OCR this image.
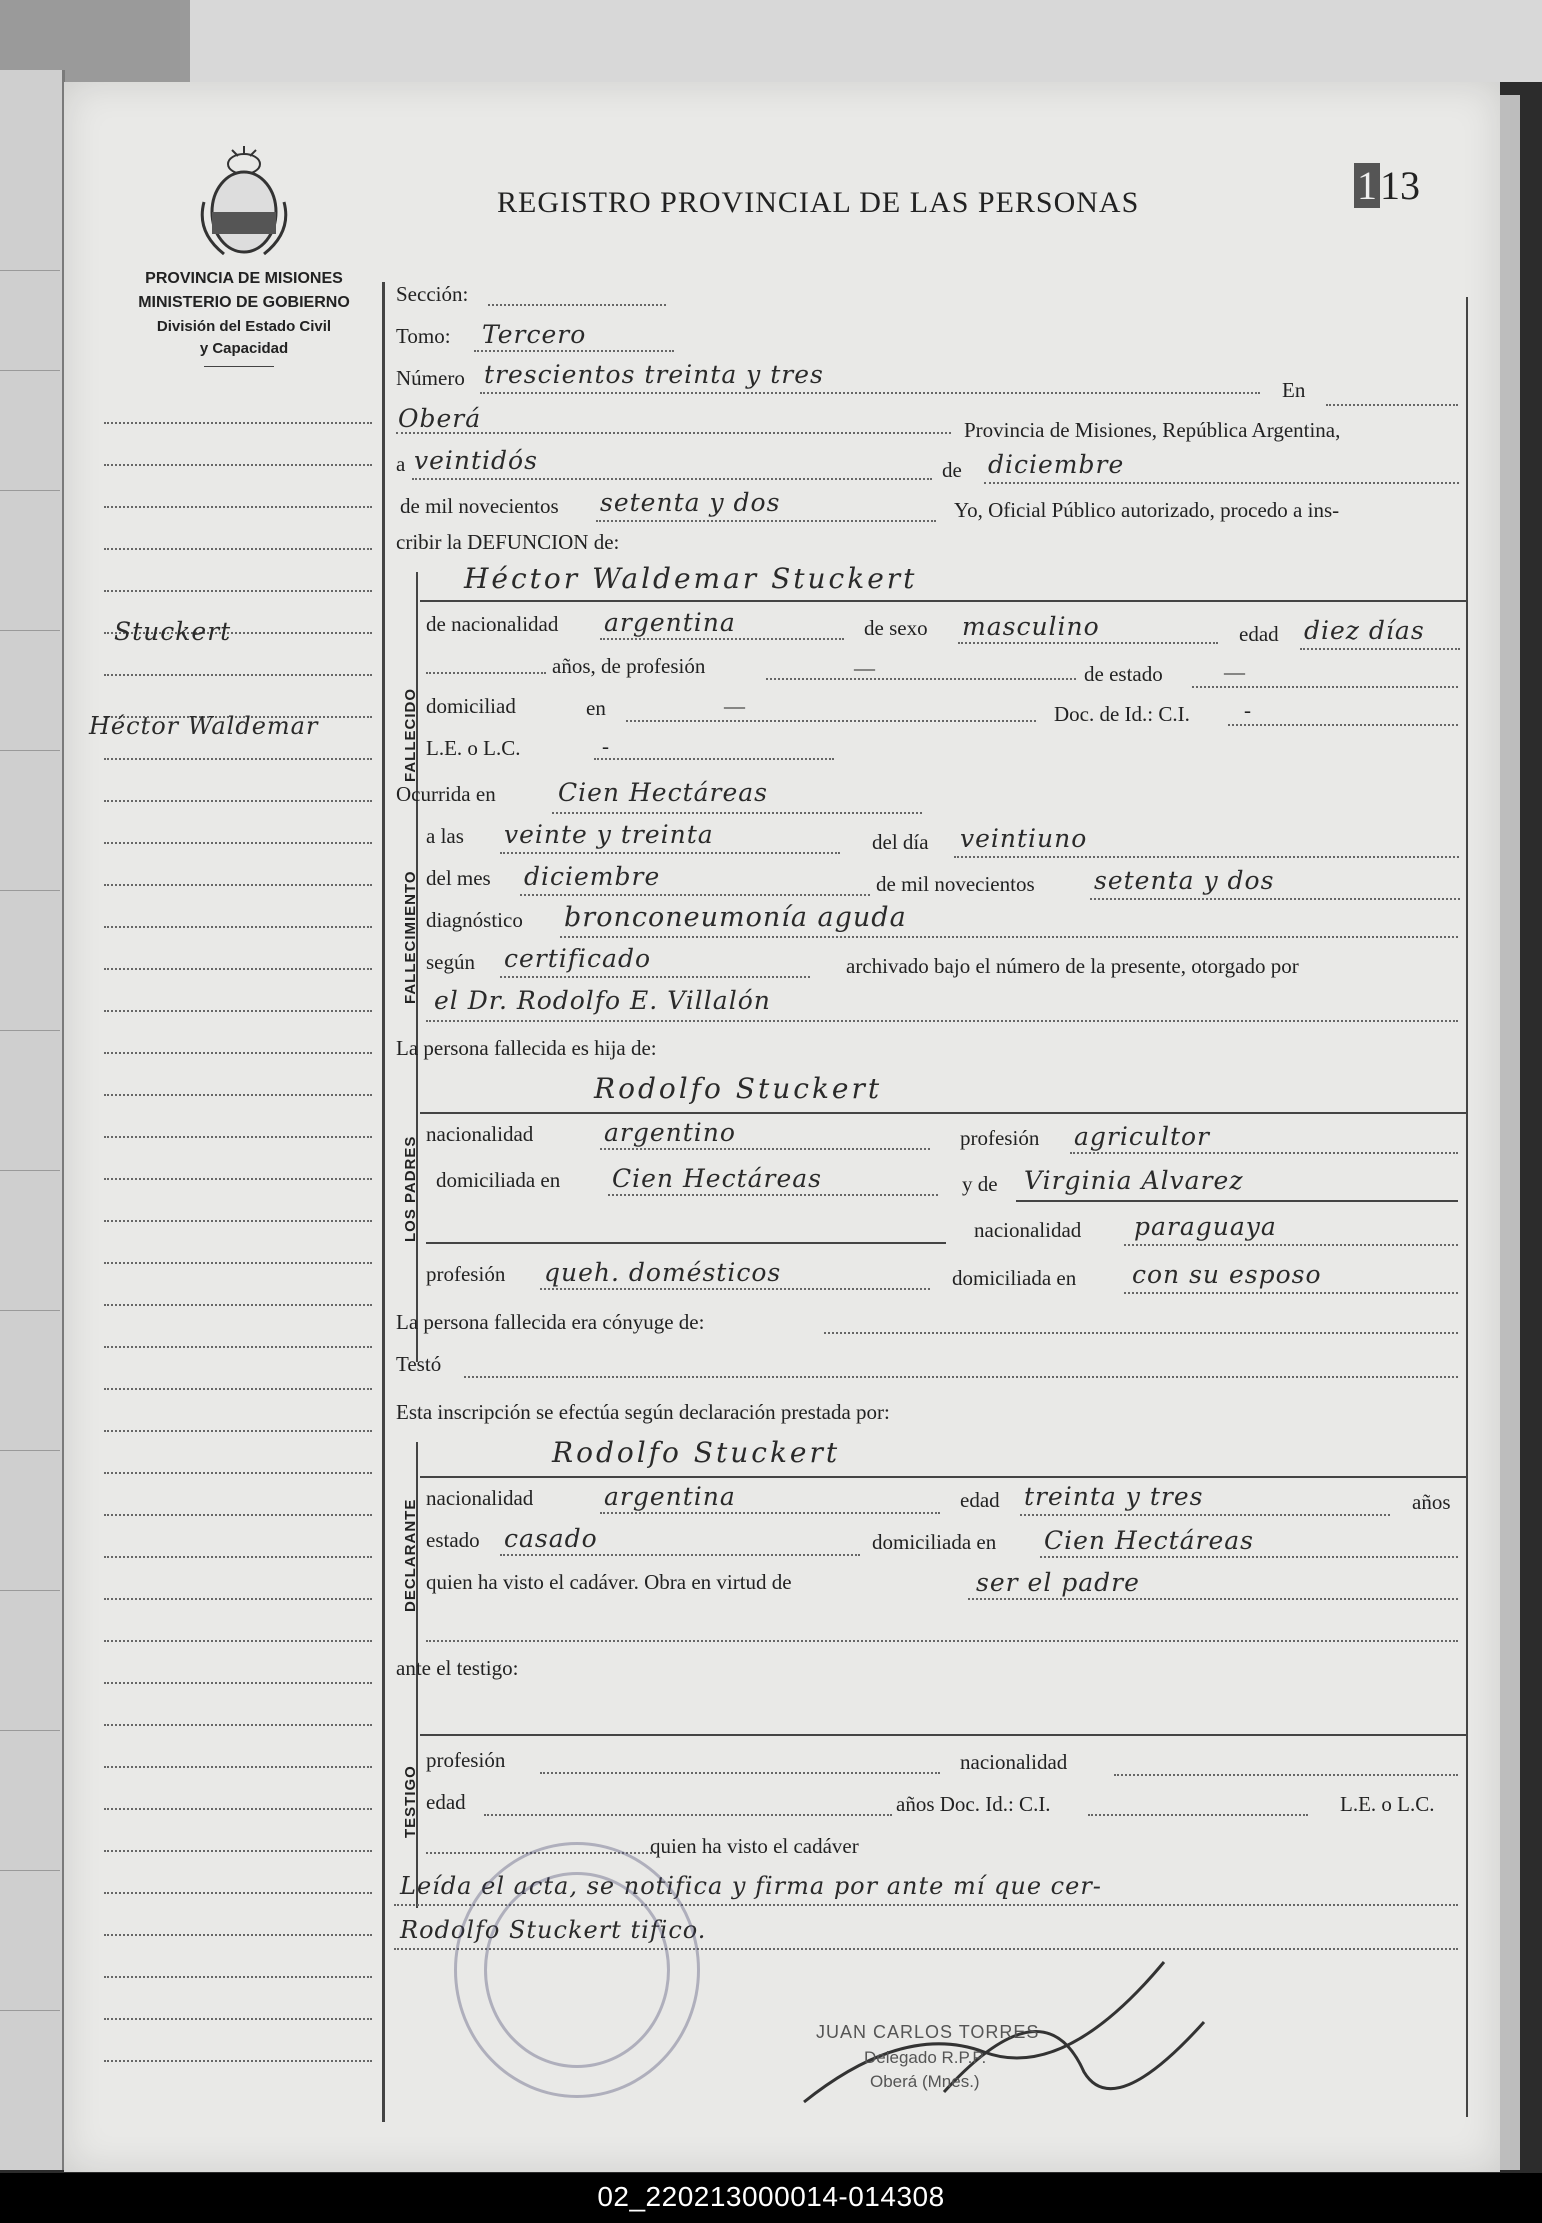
PROVINCIA DE MISIONES
MINISTERIO DE GOBIERNO
División del Estado Civil
y Capacidad
REGISTRO PROVINCIAL DE LAS PERSONAS	113
Stuckert
Héctor Waldemar
Sección:
Tomo: Tercero
Número trescientos treinta y tres
En
Oberá	Provincia de Misiones, República Argentina,
a veintidós	de diciembre
de mil novecientos setenta y dos	Yo, Oficial Público autorizado, procedo a ins-
cribir la DEFUNCION de:
FALLECIDO
Héctor Waldemar Stuckert
de nacionalidad argentina	de sexo masculino	edad diez días
años, de profesión	—	de estado	—
domiciliad	en	—	Doc. de Id.: C.I.	-
L.E. o L.C.	-
Ocurrida en Cien Hectáreas
FALLECIMIENTO
a las veinte y treinta	del día veintiuno
del mes diciembre	de mil novecientos setenta y dos
diagnóstico bronconeumonía aguda
según certificado	archivado bajo el número de la presente, otorgado por
el Dr. Rodolfo E. Villalón
La persona fallecida es hija de:
LOS PADRES
Rodolfo Stuckert
nacionalidad	argentino	profesión agricultor
domiciliada en Cien Hectáreas	y de Virginia Alvarez
nacionalidad paraguaya
profesión queh. domésticos	domiciliada en con su esposo
La persona fallecida era cónyuge de:
Testó
Esta inscripción se efectúa según declaración prestada por:
DECLARANTE
Rodolfo Stuckert
nacionalidad	argentina	edad treinta y tres	años
estado casado	domiciliada en Cien Hectáreas
quien ha visto el cadáver. Obra en virtud de	ser el padre
ante el testigo:
TESTIGO
profesión	nacionalidad
edad	años Doc. Id.: C.I.	L.E. o L.C.
quien ha visto el cadáver
Leída el acta, se notifica y firma por ante mí que cer-
Rodolfo Stuckert tifico.
JUAN CARLOS TORRES
Delegado R.P.P.
Oberá (Mnes.)
02_220213000014-014308
